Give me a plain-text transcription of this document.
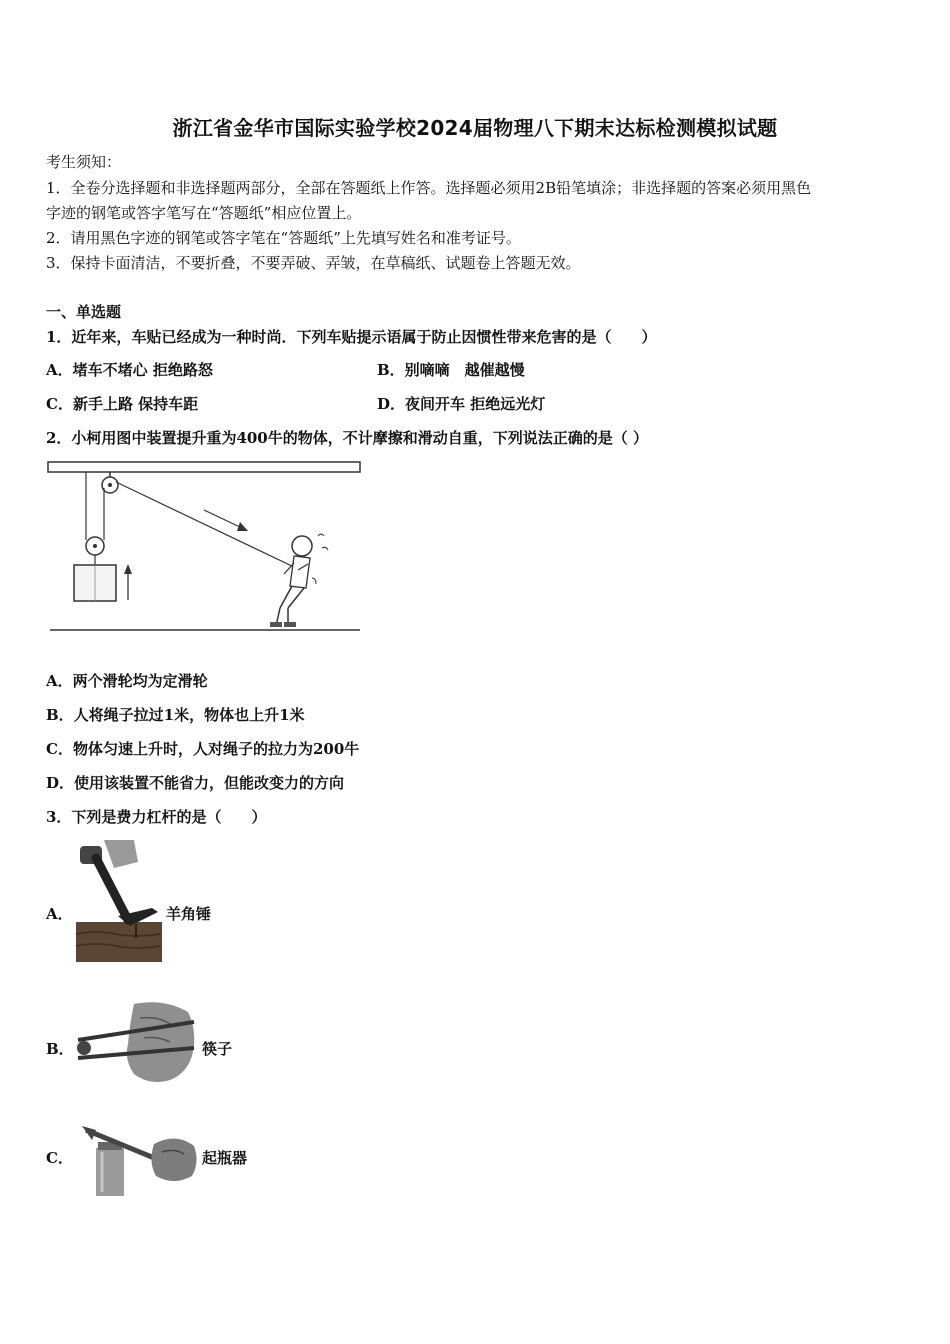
浙江省金华市国际实验学校2024届物理八下期末达标检测模拟试题
考生须知：
1．全卷分选择题和非选择题两部分，全部在答题纸上作答。选择题必须用2B铅笔填涂；非选择题的答案必须用黑色
字迹的钢笔或答字笔写在“答题纸”相应位置上。
2．请用黑色字迹的钢笔或答字笔在“答题纸”上先填写姓名和准考证号。
3．保持卡面清洁，不要折叠，不要弄破、弄皱，在草稿纸、试题卷上答题无效。
一、单选题
1．近年来，车贴已经成为一种时尚．下列车贴提示语属于防止因惯性带来危害的是（　　）
A．堵车不堵心 拒绝路怒	B．别嘀嘀　越催越慢
C．新手上路 保持车距	D．夜间开车 拒绝远光灯
2．小柯用图中装置提升重为400牛的物体，不计摩擦和滑动自重，下列说法正确的是（ ）
A．两个滑轮均为定滑轮
B．人将绳子拉过1米，物体也上升1米
C．物体匀速上升时，人对绳子的拉力为200牛
D．使用该装置不能省力，但能改变力的方向
3．下列是费力杠杆的是（　　）
A．	羊角锤
B．	筷子
C．	起瓶器
